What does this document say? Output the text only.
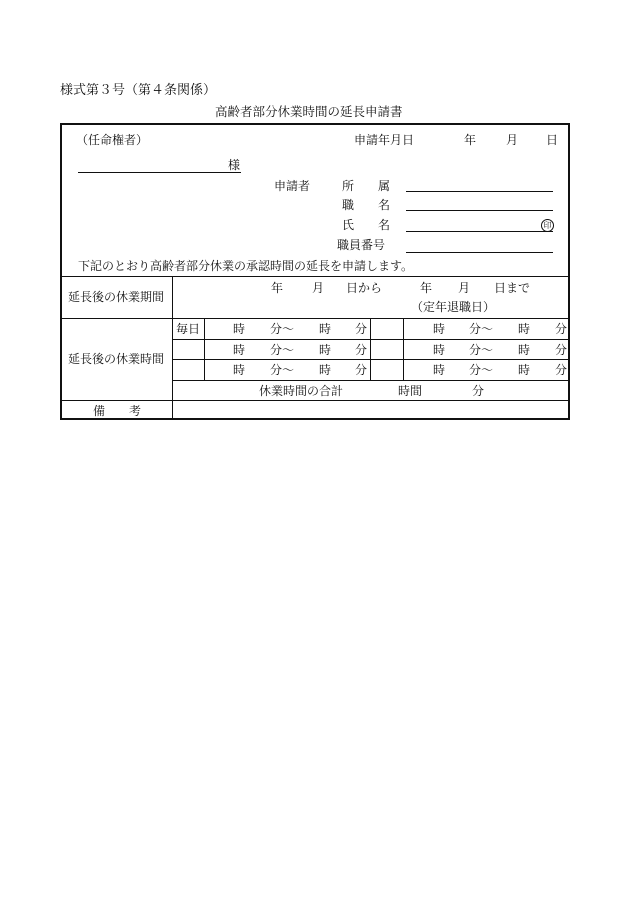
様式第３号（第４条関係）
高齢者部分休業時間の延長申請書
（任命権者）	申請年月日	年 月 日
様
申請者	所 属
職 名
氏 名	印
職員番号
下記のとおり高齢者部分休業の承認時間の延長を申請します。
延長後の休業期間
年 月 日から	年 月 日まで
（定年退職日）
延長後の休業時間
毎日	時 分〜 時 分	時 分〜 時 分
時 分〜 時 分	時 分〜 時 分
時 分〜 時 分	時 分〜 時 分
休業時間の合計	時間	分
備 考
